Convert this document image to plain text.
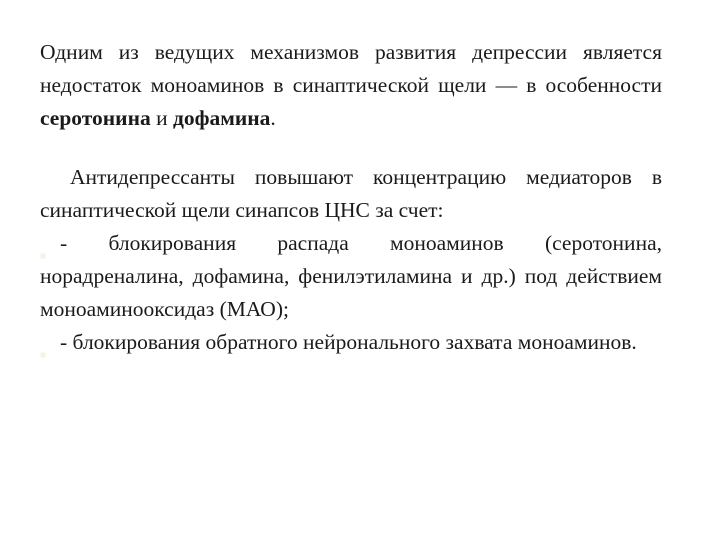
Одним из ведущих механизмов развития депрессии является недостаток моноаминов в синаптической щели — в особенности серотонина и дофамина.

Антидепрессанты повышают концентрацию медиаторов в синаптической щели синапсов ЦНС за счет:

■- блокирования распада моноаминов (серотонина, норадреналина, дофамина, фенилэтиламина и др.) под действием моноаминооксидаз (МАО);

■- блокирования обратного нейронального захвата моноаминов.
